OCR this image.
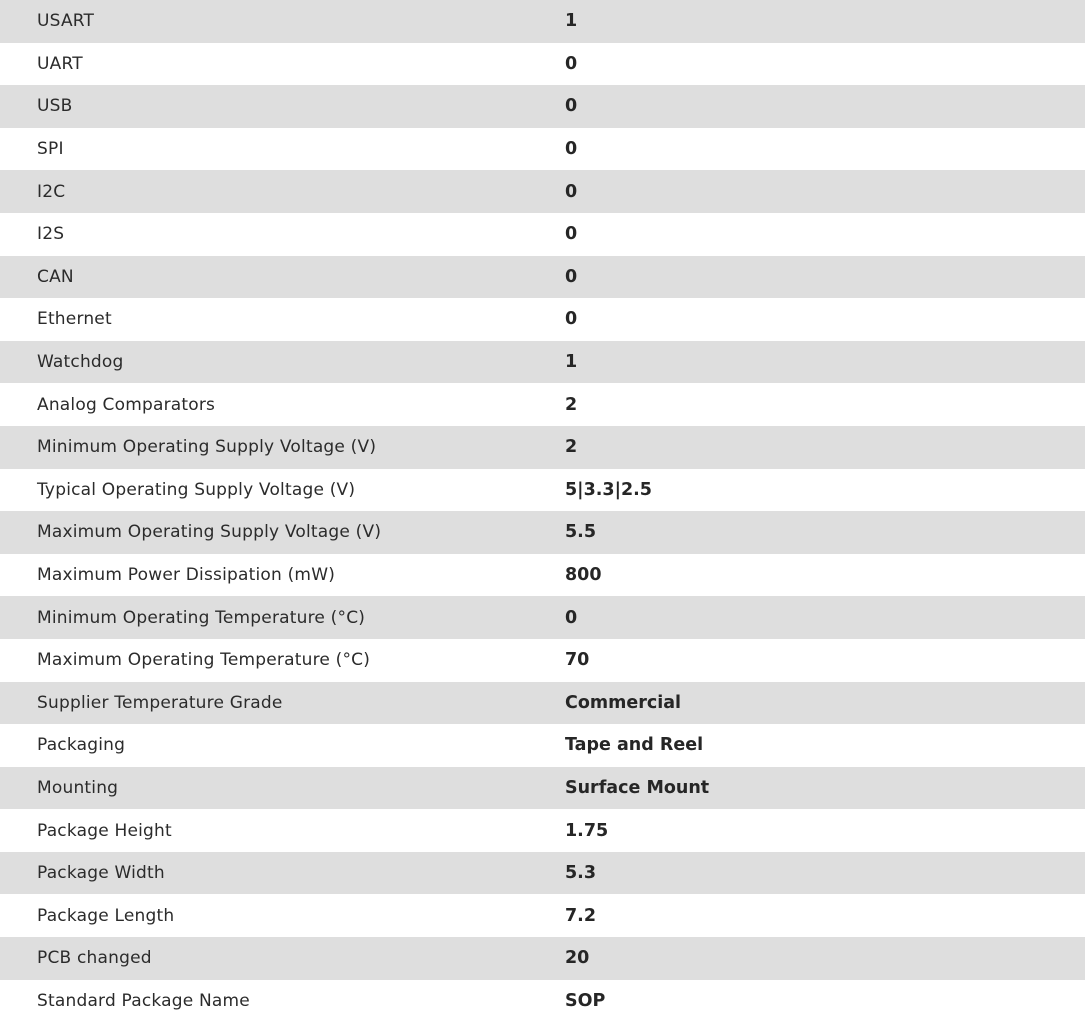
USART	1
UART	0
USB	0
SPI	0
I2C	0
I2S	0
CAN	0
Ethernet	0
Watchdog	1
Analog Comparators	2
Minimum Operating Supply Voltage (V)	2
Typical Operating Supply Voltage (V)	5|3.3|2.5
Maximum Operating Supply Voltage (V)	5.5
Maximum Power Dissipation (mW)	800
Minimum Operating Temperature (°C)	0
Maximum Operating Temperature (°C)	70
Supplier Temperature Grade	Commercial
Packaging	Tape and Reel
Mounting	Surface Mount
Package Height	1.75
Package Width	5.3
Package Length	7.2
PCB changed	20
Standard Package Name	SOP
